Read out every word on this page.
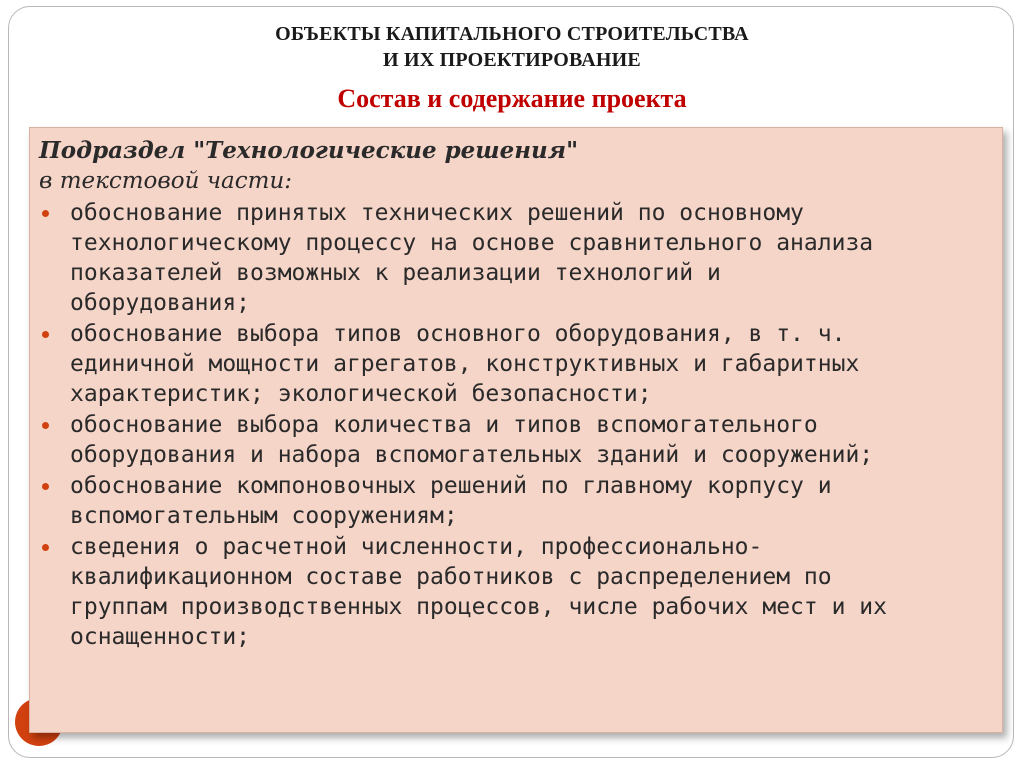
ОБЪЕКТЫ КАПИТАЛЬНОГО СТРОИТЕЛЬСТВА
И ИХ ПРОЕКТИРОВАНИЕ
Состав и содержание проекта

Подраздел "Технологические решения"

в текстовой части:

обоснование принятых технических решений по основному
технологическому процессу на основе сравнительного анализа
показателей возможных к реализации технологий и
оборудования;
обоснование выбора типов основного оборудования, в т. ч.
единичной мощности агрегатов, конструктивных и габаритных
характеристик; экологической безопасности;
обоснование выбора количества и типов вспомогательного
оборудования и набора вспомогательных зданий и сооружений;
обоснование компоновочных решений по главному корпусу и
вспомогательным сооружениям;
сведения о расчетной численности, профессионально-
квалификационном составе работников с распределением по
группам производственных процессов, числе рабочих мест и их
оснащенности;
